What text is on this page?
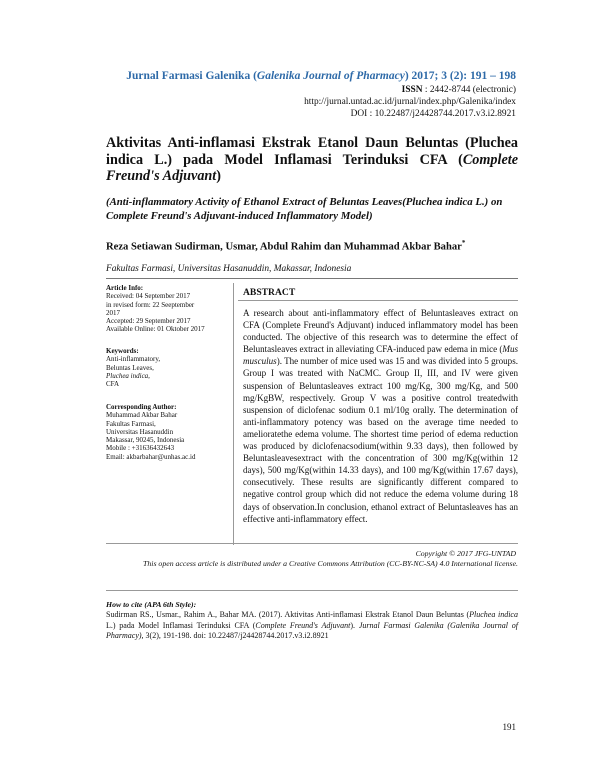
Jurnal Farmasi Galenika (Galenika Journal of Pharmacy) 2017; 3 (2): 191 – 198
ISSN : 2442-8744 (electronic)
http://jurnal.untad.ac.id/jurnal/index.php/Galenika/index
DOI : 10.22487/j24428744.2017.v3.i2.8921
Aktivitas Anti-inflamasi Ekstrak Etanol Daun Beluntas (Pluchea indica L.) pada Model Inflamasi Terinduksi CFA (Complete Freund's Adjuvant)
(Anti-inflammatory Activity of Ethanol Extract of Beluntas Leaves(Pluchea indica L.) on Complete Freund's Adjuvant-induced Inflammatory Model)
Reza Setiawan Sudirman, Usmar, Abdul Rahim dan Muhammad Akbar Bahar*
Fakultas Farmasi, Universitas Hasanuddin, Makassar, Indonesia
Article Info:
Received: 04 September 2017
in revised form: 22 Seeptember
2017
Accepted: 29 September 2017
Available Online: 01 Oktober 2017
Keywords:
Anti-inflammatory,
Beluntas Leaves,
Pluchea indica,
CFA
Corresponding Author:
Muhammad Akbar Bahar
Fakultas Farmasi,
Universitas Hasanuddin
Makassar, 90245, Indonesia
Mobile : +31636432643
Email: akbarbahar@unhas.ac.id
ABSTRACT
A research about anti-inflammatory effect of Beluntasleaves extract on CFA (Complete Freund's Adjuvant) induced inflammatory model has been conducted. The objective of this research was to determine the effect of Beluntasleaves extract in alleviating CFA-induced paw edema in mice (Mus musculus). The number of mice used was 15 and was divided into 5 groups. Group I was treated with NaCMC. Group II, III, and IV were given suspension of Beluntasleaves extract 100 mg/Kg, 300 mg/Kg, and 500 mg/KgBW, respectively. Group V was a positive control treatedwith suspension of diclofenac sodium 0.1 ml/10g orally. The determination of anti-inflammatory potency was based on the average time needed to amelioratethe edema volume. The shortest time period of edema reduction was produced by diclofenacsodium(within 9.33 days), then followed by Beluntasleavesextract with the concentration of 300 mg/Kg(within 12 days), 500 mg/Kg(within 14.33 days), and 100 mg/Kg(within 17.67 days), consecutively. These results are significantly different compared to negative control group which did not reduce the edema volume during 18 days of observation.In conclusion, ethanol extract of Beluntasleaves has an effective anti-inflammatory effect.
Copyright © 2017 JFG-UNTAD
This open access article is distributed under a Creative Commons Attribution (CC-BY-NC-SA) 4.0 International license.
How to cite (APA 6th Style):
Sudirman RS., Usmar., Rahim A., Bahar MA. (2017). Aktivitas Anti-inflamasi Ekstrak Etanol Daun Beluntas (Pluchea indica L.) pada Model Inflamasi Terinduksi CFA (Complete Freund's Adjuvant). Jurnal Farmasi Galenika (Galenika Journal of Pharmacy), 3(2), 191-198. doi: 10.22487/j24428744.2017.v3.i2.8921
191
